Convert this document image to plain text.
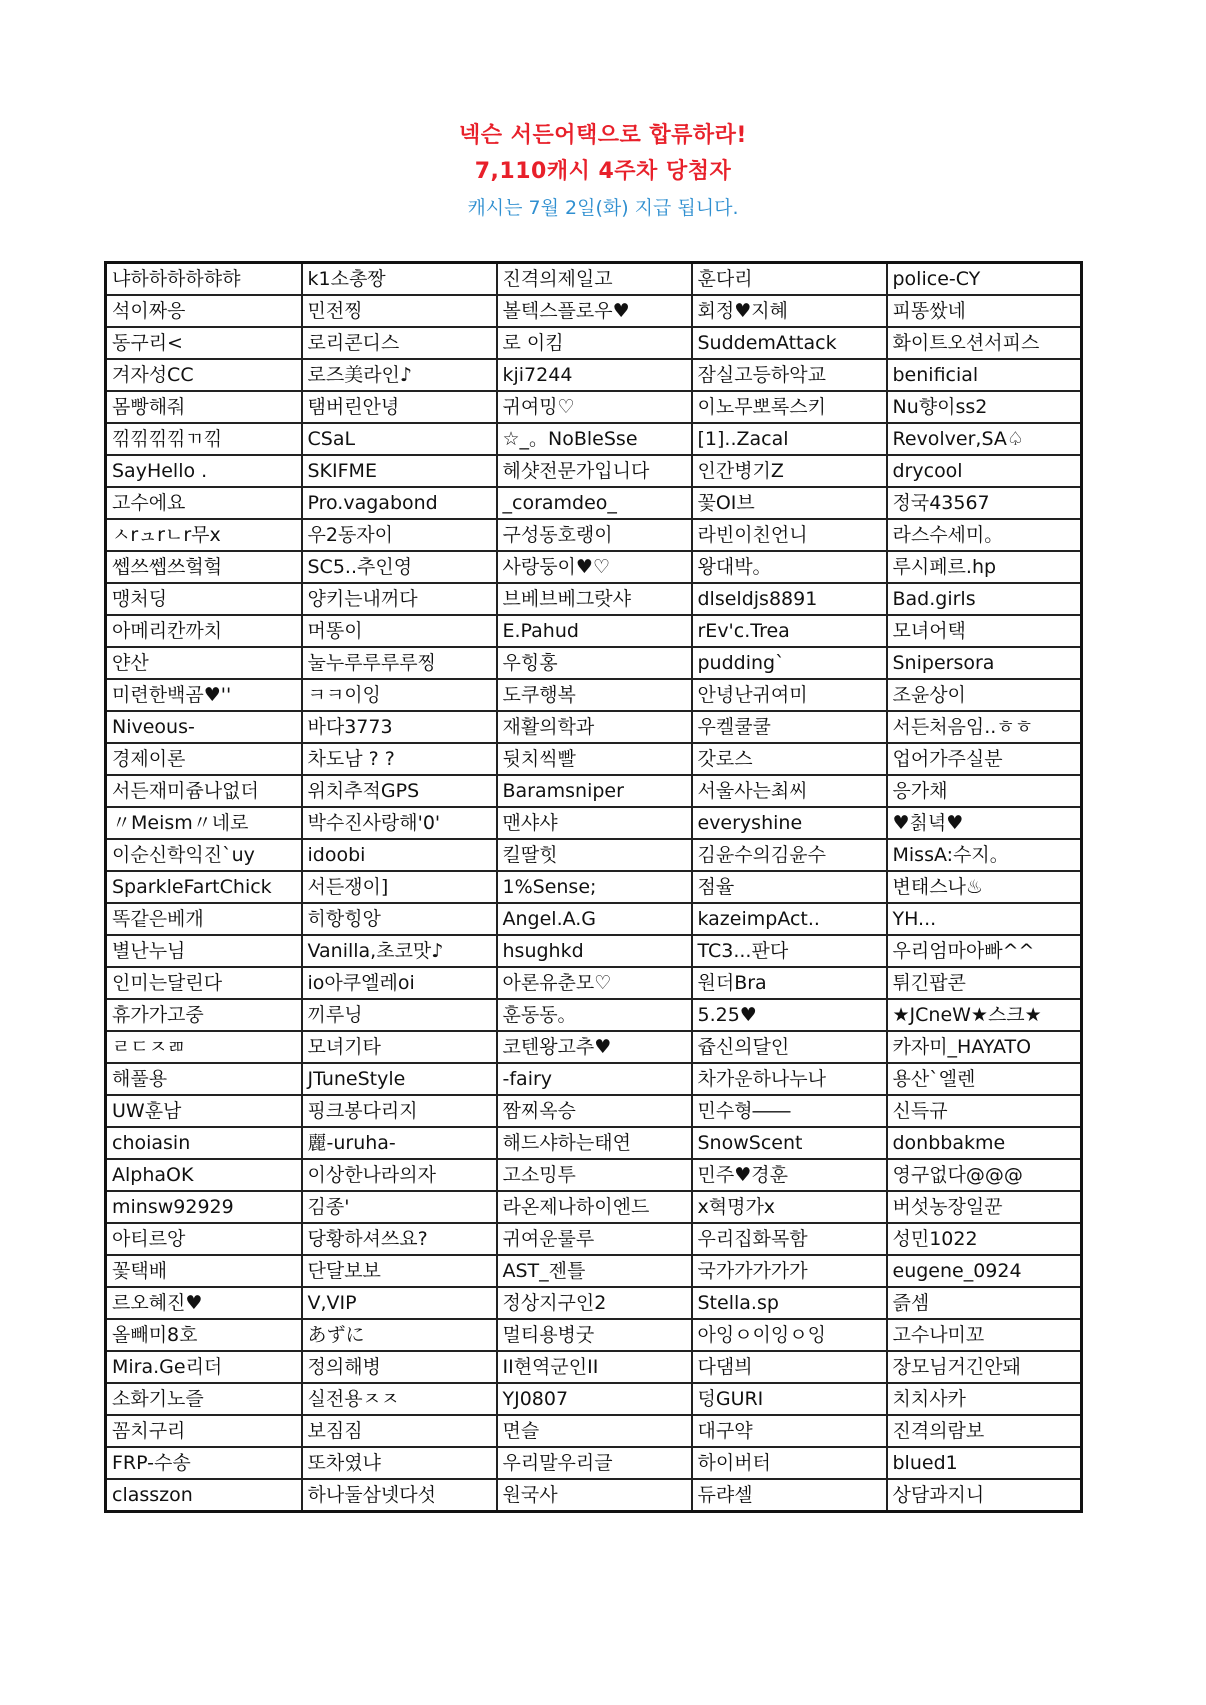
넥슨 서든어택으로 합류하라!
7,110캐시 4주차 당첨자
캐시는 7월 2일(화) 지급 됩니다.
냐하하하하햐햐	k1소총짱	진격의제일고	훈다리	police-CY
석이짜응	민전찡	볼텍스플로우♥	회정♥지혜	피똥쌌네
동구리<	로리콘디스	로 이킴	SuddemAttack	화이트오션서피스
겨자성CC	로즈美라인♪	kji7244	잠실고등하악교	benificial
몸빵해줘	탬버린안녕	귀여밍♡	이노무뽀록스키	Nu향이ss2
끾끾끾끾ㄲ끾	CSaL	☆_。NoBleSse	[1]..Zacal	Revolver,SA♤
SayHello .	SKIFME	헤샷전문가입니다	인간병기Z	drycool
고수에요	Pro.vagabond	_coramdeo_	꽃OI브	정국43567
ㅅrュrㄴr무x	우2동자이	구성동호랭이	라빈이친언니	라스수세미。
쎕쓰쎕쓰헠헠	SC5..추인영	사랑둥이♥♡	왕대박。	루시페르.hp
맹처딩	양키는내꺼다	브베브베그랏샤	dlseldjs8891	Bad.girls
아메리칸까치	머똥이	E.Pahud	rEv'c.Trea	모녀어택
얀산	눌누루루루루찡	우힝홍	pudding`	Snipersora
미련한백곰♥''	ㅋㅋ이잉	도쿠행복	안녕난귀여미	조윤상이
Niveous-	바다3773	재활의학과	우켈쿨쿨	서든처음임..ㅎㅎ
경제이론	차도남 ? ?	뒷치씩빨	갓로스	업어가주실분
서든재미쥼나없더	위치추적GPS	Baramsniper	서울사는최씨	응가채
〃Meism〃네로	박수진사랑해'0'	맨샤샤	everyshine	♥칡녁♥
이순신학익진`uy	idoobi	킬딸힛	김윤수의김윤수	MissA:수지。
SparkleFartChick	서든쟁이]	1%Sense;	점율	변태스나♨
똑같은베개	히항힝앙	Angel.A.G	kazeimpAct..	YH...
별난누님	Vanilla,초코맛♪	hsughkd	TC3...판다	우리엄마아빠^^
인미는달린다	io아쿠엘레oi	아론유춘모♡	원더Bra	튀긴팝콘
휴가가고중	끼루닝	훈동동。	5.25♥	★JCneW★스크★
ㄹㄷㅈㄻ	모녀기타	코텐왕고추♥	쥽신의달인	카자미_HAYATO
해풀용	JTuneStyle	-fairy	차가운하나누나	용산`엘렌
UW훈남	핑크봉다리지	짬찌옥승	민수형――	신득규
choiasin	麗-uruha-	해드샤하는태연	SnowScent	donbbakme
AlphaOK	이상한나라의자	고소밍투	민주♥경훈	영구없다@@@
minsw92929	김종'	라온제나하이엔드	x혁명가x	버섯농장일꾼
아티르앙	당황하셔쓰요?	귀여운룰루	우리집화목함	성민1022
꽃택배	단달보보	AST_젠틀	국가가가가가	eugene_0924
르오혜진♥	V,VIP	정상지구인2	Stella.sp	즑셈
올빼미8호	あずに	멀티용병굿	아잉ㅇ이잉ㅇ잉	고수나미꼬
Mira.Ge리더	정의해병	II현역군인II	다댐븨	장모님거긴안돼
소화기노즐	실전용ㅈㅈ	YJ0807	덩GURI	치치사카
꼼치구리	보짐짐	면슬	대구약	진격의람보
FRP-수송	또차였냐	우리말우리글	하이버터	blued1
classzon	하나둘삼넷다섯	원국사	듀랴셀	상담과지니
